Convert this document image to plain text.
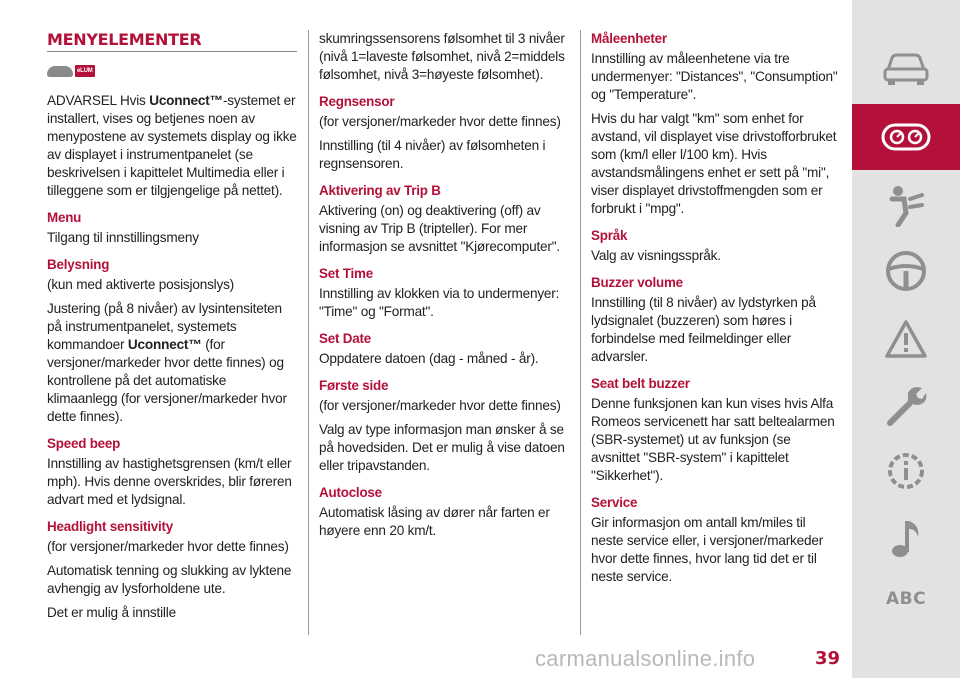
MENYELEMENTER
eLUM

ADVARSEL Hvis Uconnect™-systemet er installert, vises og betjenes noen av menypostene av systemets display og ikke av displayet i instrumentpanelet (se beskrivelsen i kapittelet Multimedia eller i tilleggene som er tilgjengelige på nettet).

Menu

Tilgang til innstillingsmeny

Belysning

(kun med aktiverte posisjonslys)

Justering (på 8 nivåer) av lysintensiteten på instrumentpanelet, systemets kommandoer Uconnect™ (for versjoner/markeder hvor dette finnes) og kontrollene på det automatiske klimaanlegg (for versjoner/markeder hvor dette finnes).

Speed beep

Innstilling av hastighetsgrensen (km/t eller mph). Hvis denne overskrides, blir føreren advart med et lydsignal.

Headlight sensitivity

(for versjoner/markeder hvor dette finnes)

Automatisk tenning og slukking av lyktene avhengig av lysforholdene ute.

Det er mulig å innstille

skumringssensorens følsomhet til 3 nivåer (nivå 1=laveste følsomhet, nivå 2=middels følsomhet, nivå 3=høyeste følsomhet).

Regnsensor

(for versjoner/markeder hvor dette finnes)

Innstilling (til 4 nivåer) av følsomheten i regnsensoren.

Aktivering av Trip B

Aktivering (on) og deaktivering (off) av visning av Trip B (tripteller). For mer informasjon se avsnittet "Kjørecomputer".

Set Time

Innstilling av klokken via to undermenyer: "Time" og "Format".

Set Date

Oppdatere datoen (dag - måned - år).

Første side

(for versjoner/markeder hvor dette finnes)

Valg av type informasjon man ønsker å se på hovedsiden. Det er mulig å vise datoen eller tripavstanden.

Autoclose

Automatisk låsing av dører når farten er høyere enn 20 km/t.

Måleenheter

Innstilling av måleenhetene via tre undermenyer: "Distances", "Consumption" og "Temperature".

Hvis du har valgt "km" som enhet for avstand, vil displayet vise drivstofforbruket som (km/l eller l/100 km). Hvis avstandsmålingens enhet er sett på "mi", viser displayet drivstoffmengden som er forbrukt i "mpg".

Språk

Valg av visningsspråk.

Buzzer volume

Innstilling (til 8 nivåer) av lydstyrken på lydsignalet (buzzeren) som høres i forbindelse med feilmeldinger eller advarsler.

Seat belt buzzer

Denne funksjonen kan kun vises hvis Alfa Romeos servicenett har satt beltealarmen (SBR-systemet) ut av funksjon (se avsnittet "SBR-system" i kapittelet "Sikkerhet").

Service

Gir informasjon om antall km/miles til neste service eller, i versjoner/markeder hvor dette finnes, hvor lang tid det er til neste service.

ABC
carmanualsonline.info	39
